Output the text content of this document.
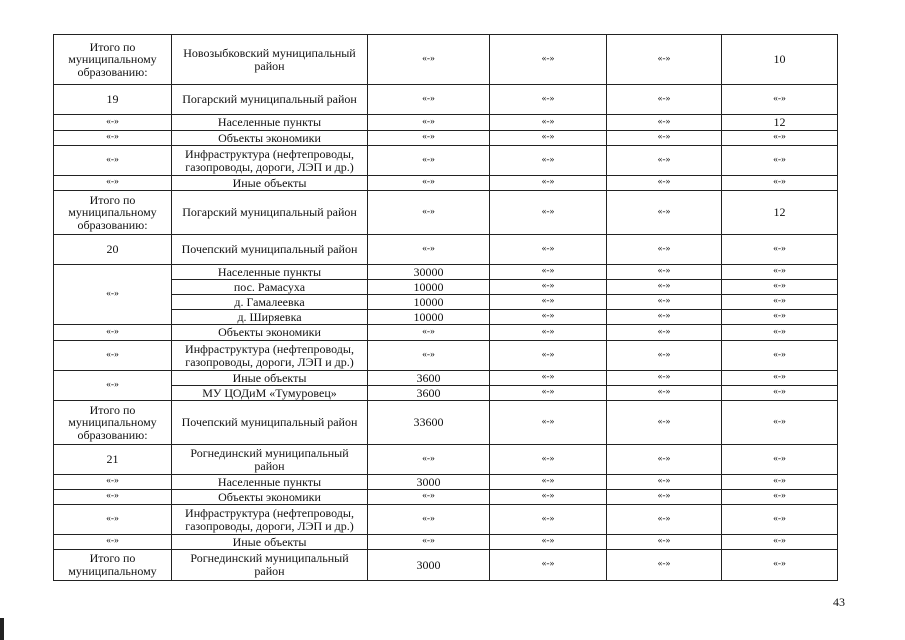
Итого по муниципальному образованию:	Новозыбковский муниципальный район	«-»	«-»	«-»	10
19	Погарский муниципальный район	«-»	«-»	«-»	«-»
«-»	Населенные пункты	«-»	«-»	«-»	12
«-»	Объекты экономики	«-»	«-»	«-»	«-»
«-»	Инфраструктура (нефтепроводы, газопроводы, дороги, ЛЭП и др.)	«-»	«-»	«-»	«-»
«-»	Иные объекты	«-»	«-»	«-»	«-»
Итого по муниципальному образованию:	Погарский муниципальный район	«-»	«-»	«-»	12
20	Почепский муниципальный район	«-»	«-»	«-»	«-»
«-»	Населенные пункты	30000	«-»	«-»	«-»
	пос. Рамасуха	10000	«-»	«-»	«-»
	д. Гамалеевка	10000	«-»	«-»	«-»
	д. Ширяевка	10000	«-»	«-»	«-»
«-»	Объекты экономики	«-»	«-»	«-»	«-»
«-»	Инфраструктура (нефтепроводы, газопроводы, дороги, ЛЭП и др.)	«-»	«-»	«-»	«-»
«-»	Иные объекты	3600	«-»	«-»	«-»
	МУ ЦОДиМ «Тумуровец»	3600	«-»	«-»	«-»
Итого по муниципальному образованию:	Почепский муниципальный район	33600	«-»	«-»	«-»
21	Рогнединский муниципальный район	«-»	«-»	«-»	«-»
«-»	Населенные пункты	3000	«-»	«-»	«-»
«-»	Объекты экономики	«-»	«-»	«-»	«-»
«-»	Инфраструктура (нефтепроводы, газопроводы, дороги, ЛЭП и др.)	«-»	«-»	«-»	«-»
«-»	Иные объекты	«-»	«-»	«-»	«-»
Итого по муниципальному	Рогнединский муниципальный район	3000	«-»	«-»	«-»
43
